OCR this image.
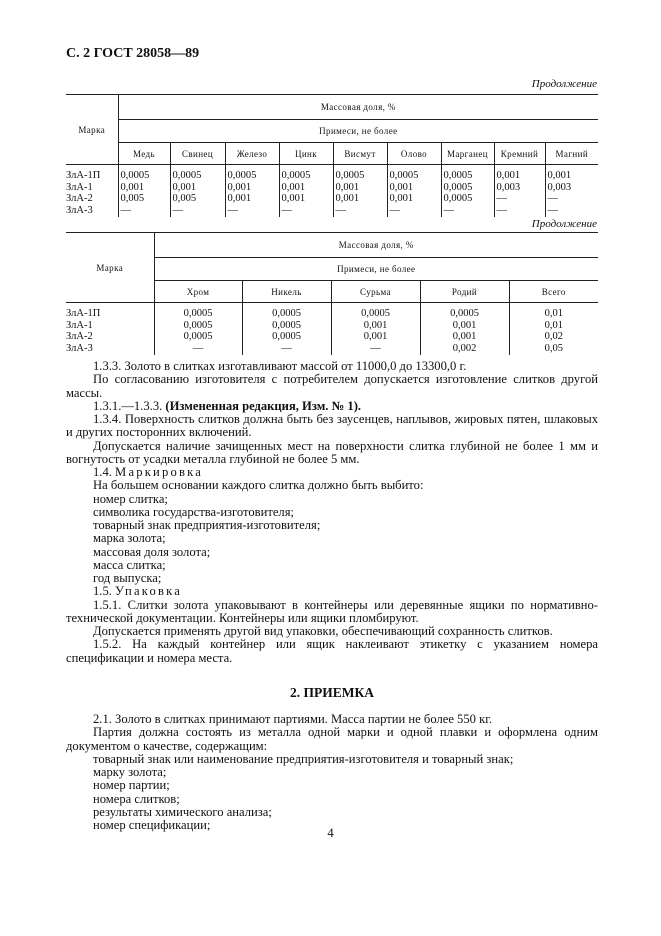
С. 2 ГОСТ 28058—89
Продолжение
Марка	Массовая доля, %								
	Примеси, не более								
	Медь	Свинец	Железо	Цинк	Висмут	Олово	Марганец	Кремний	Магний
ЗлА-1П	0,0005	0,0005	0,0005	0,0005	0,0005	0,0005	0,0005	0,001	0,001
ЗлА-1	0,001	0,001	0,001	0,001	0,001	0,001	0,0005	0,003	0,003
ЗлА-2	0,005	0,005	0,001	0,001	0,001	0,001	0,0005	—	—
ЗлА-3	—	—	—	—	—	—	—	—	—
Продолжение
Марка	Массовая доля, %				
	Примеси, не более				
	Хром	Никель	Сурьма	Родий	Всего
ЗлА-1П	0,0005	0,0005	0,0005	0,0005	0,01
ЗлА-1	0,0005	0,0005	0,001	0,001	0,01
ЗлА-2	0,0005	0,0005	0,001	0,001	0,02
ЗлА-3	—	—	—	0,002	0,05

1.3.3. Золото в слитках изготавливают массой от 11000,0 до 13300,0 г.

По согласованию изготовителя с потребителем допускается изготовление слитков другой массы.

1.3.1.—1.3.3. (Измененная редакция, Изм. № 1).

1.3.4. Поверхность слитков должна быть без заусенцев, наплывов, жировых пятен, шлаковых и других посторонних включений.

Допускается наличие зачищенных мест на поверхности слитка глубиной не более 1 мм и вогнутость от усадки металла глубиной не более 5 мм.

1.4. Маркировка

На большем основании каждого слитка должно быть выбито:

номер слитка;

символика государства-изготовителя;

товарный знак предприятия-изготовителя;

марка золота;

массовая доля золота;

масса слитка;

год выпуска;

1.5. Упаковка

1.5.1. Слитки золота упаковывают в контейнеры или деревянные ящики по нормативно-технической документации. Контейнеры или ящики пломбируют.

Допускается применять другой вид упаковки, обеспечивающий сохранность слитков.

1.5.2. На каждый контейнер или ящик наклеивают этикетку с указанием номера спецификации и номера места.

2. ПРИЕМКА

2.1. Золото в слитках принимают партиями. Масса партии не более 550 кг.

Партия должна состоять из металла одной марки и одной плавки и оформлена одним документом о качестве, содержащим:

товарный знак или наименование предприятия-изготовителя и товарный знак;

марку золота;

номер партии;

номера слитков;

результаты химического анализа;

номер спецификации;

4
